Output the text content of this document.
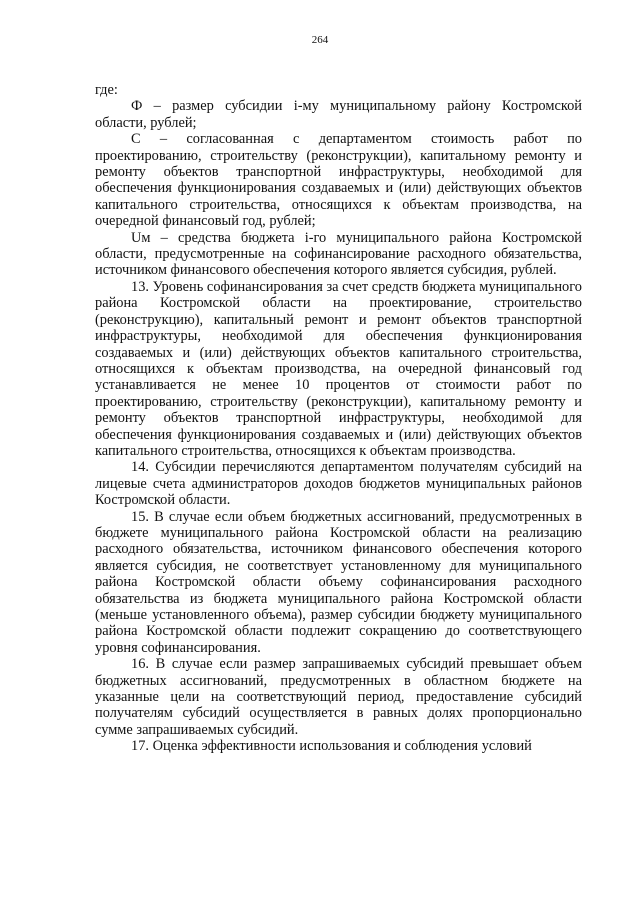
264

где:

Ф – размер субсидии i-му муниципальному району Костромской области, рублей;

C – согласованная с департаментом стоимость работ по проектированию, строительству (реконструкции), капитальному ремонту и ремонту объектов транспортной инфраструктуры, необходимой для обеспечения функционирования создаваемых и (или) действующих объектов капитального строительства, относящихся к объектам производства, на очередной финансовый год, рублей;

Uм – средства бюджета i-го муниципального района Костромской области, предусмотренные на софинансирование расходного обязательства, источником финансового обеспечения которого является субсидия, рублей.

13. Уровень софинансирования за счет средств бюджета муниципального района Костромской области на проектирование, строительство (реконструкцию), капитальный ремонт и ремонт объектов транспортной инфраструктуры, необходимой для обеспечения функционирования создаваемых и (или) действующих объектов капитального строительства, относящихся к объектам производства, на очередной финансовый год устанавливается не менее 10 процентов от стоимости работ по проектированию, строительству (реконструкции), капитальному ремонту и ремонту объектов транспортной инфраструктуры, необходимой для обеспечения функционирования создаваемых и (или) действующих объектов капитального строительства, относящихся к объектам производства.

14. Субсидии перечисляются департаментом получателям субсидий на лицевые счета администраторов доходов бюджетов муниципальных районов Костромской области.

15. В случае если объем бюджетных ассигнований, предусмотренных в бюджете муниципального района Костромской области на реализацию расходного обязательства, источником финансового обеспечения которого является субсидия, не соответствует установленному для муниципального района Костромской области объему софинансирования расходного обязательства из бюджета муниципального района Костромской области (меньше установленного объема), размер субсидии бюджету муниципального района Костромской области подлежит сокращению до соответствующего уровня софинансирования.

16. В случае если размер запрашиваемых субсидий превышает объем бюджетных ассигнований, предусмотренных в областном бюджете на указанные цели на соответствующий период, предоставление субсидий получателям субсидий осуществляется в равных долях пропорционально сумме запрашиваемых субсидий.

17. Оценка эффективности использования и соблюдения условий
